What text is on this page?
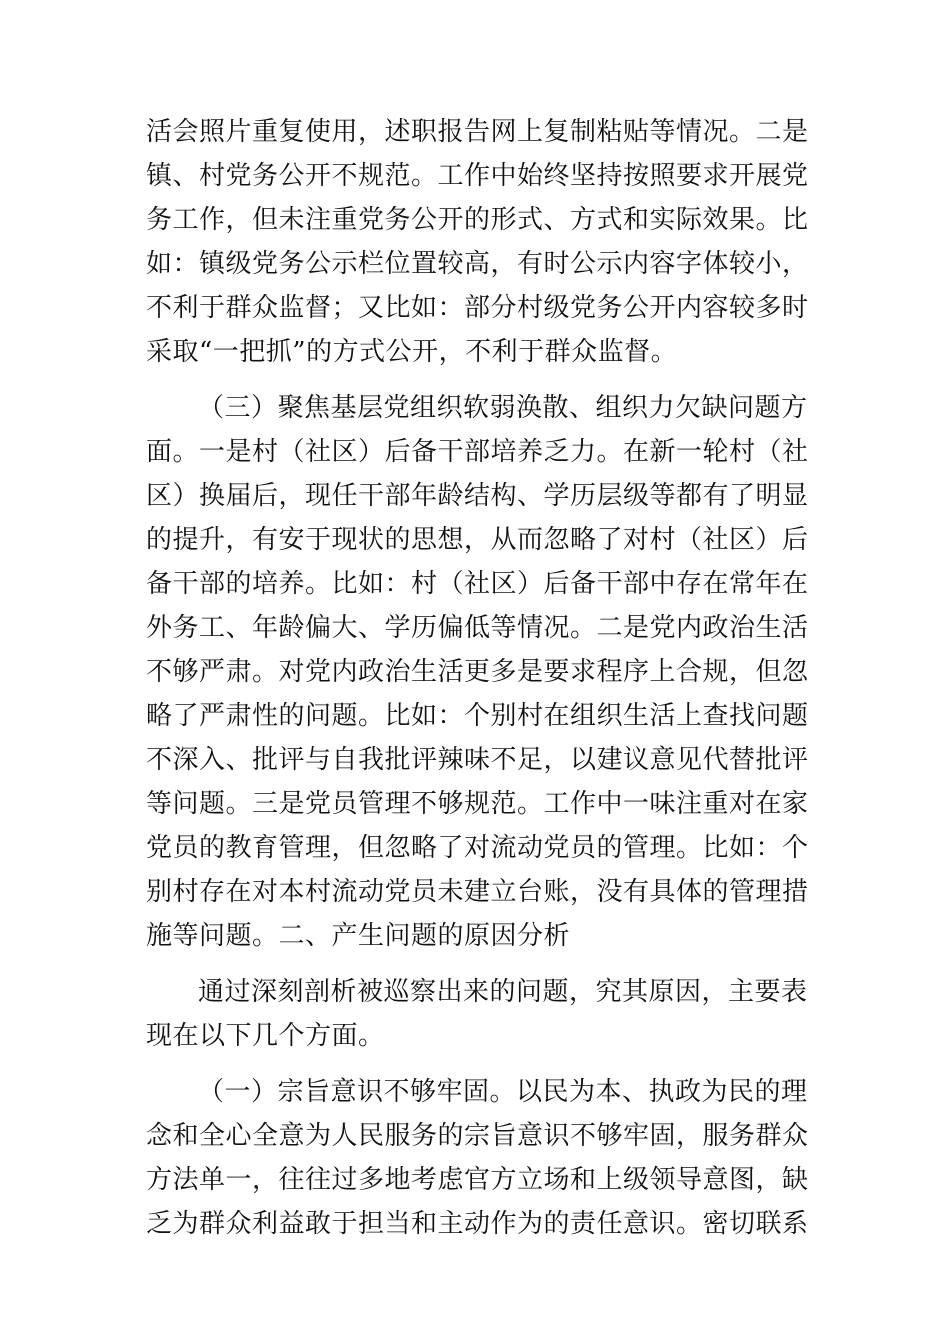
活会照片重复使用，述职报告网上复制粘贴等情况。二是
镇、村党务公开不规范。工作中始终坚持按照要求开展党
务工作，但未注重党务公开的形式、方式和实际效果。比
如：镇级党务公示栏位置较高，有时公示内容字体较小，
不利于群众监督；又比如：部分村级党务公开内容较多时
采取“一把抓”的方式公开，不利于群众监督。
（三）聚焦基层党组织软弱涣散、组织力欠缺问题方
面。一是村（社区）后备干部培养乏力。在新一轮村（社
区）换届后，现任干部年龄结构、学历层级等都有了明显
的提升，有安于现状的思想，从而忽略了对村（社区）后
备干部的培养。比如：村（社区）后备干部中存在常年在
外务工、年龄偏大、学历偏低等情况。二是党内政治生活
不够严肃。对党内政治生活更多是要求程序上合规，但忽
略了严肃性的问题。比如：个别村在组织生活上查找问题
不深入、批评与自我批评辣味不足，以建议意见代替批评
等问题。三是党员管理不够规范。工作中一味注重对在家
党员的教育管理，但忽略了对流动党员的管理。比如：个
别村存在对本村流动党员未建立台账，没有具体的管理措
施等问题。二、产生问题的原因分析
通过深刻剖析被巡察出来的问题，究其原因，主要表
现在以下几个方面。
（一）宗旨意识不够牢固。以民为本、执政为民的理
念和全心全意为人民服务的宗旨意识不够牢固，服务群众
方法单一，往往过多地考虑官方立场和上级领导意图，缺
乏为群众利益敢于担当和主动作为的责任意识。密切联系
